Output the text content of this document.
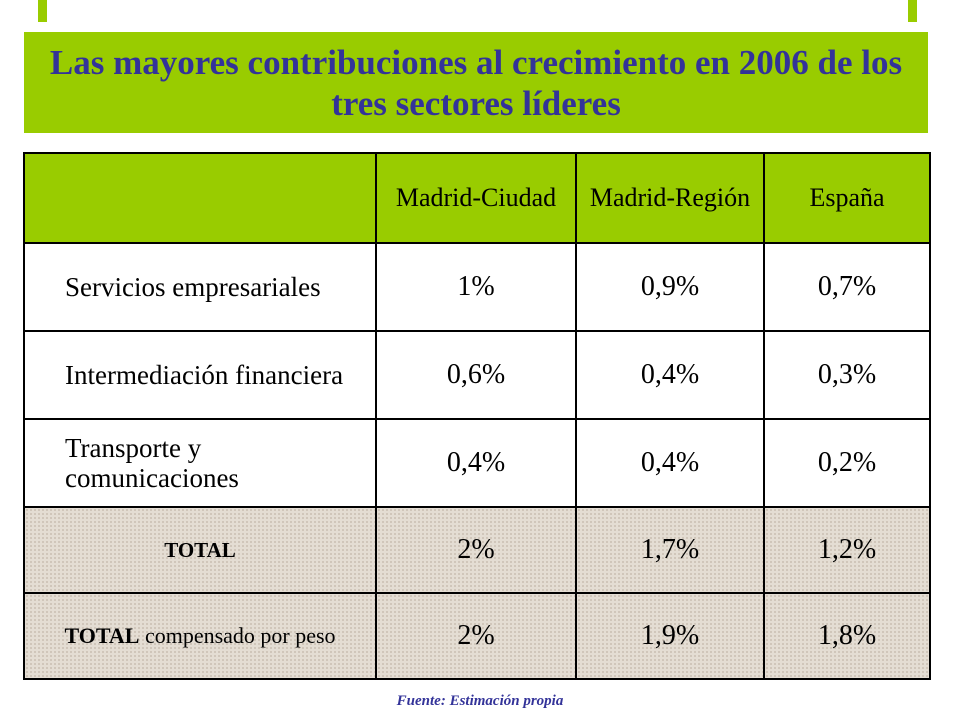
Las mayores contribuciones al crecimiento en 2006 de los tres sectores líderes
	Madrid-Ciudad	Madrid-Región	España
Servicios empresariales	1%	0,9%	0,7%
Intermediación financiera	0,6%	0,4%	0,3%
Transporte y comunicaciones	0,4%	0,4%	0,2%
TOTAL	2%	1,7%	1,2%
TOTAL compensado por peso	2%	1,9%	1,8%
Fuente: Estimación propia
